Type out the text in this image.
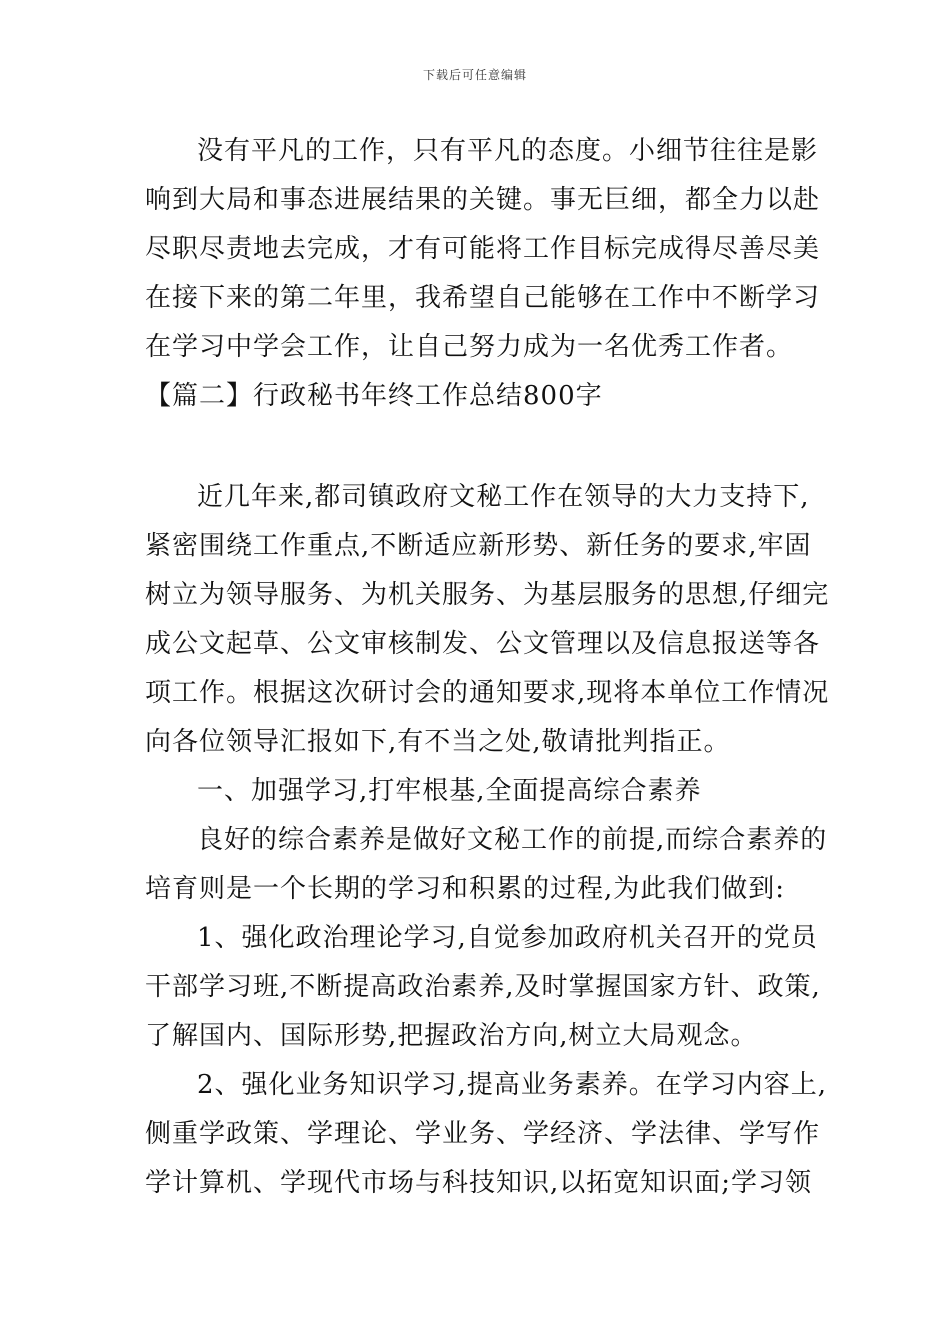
下载后可任意编辑
没有平凡的工作，只有平凡的态度。小细节往往是影
响到大局和事态进展结果的关键。事无巨细，都全力以赴
尽职尽责地去完成，才有可能将工作目标完成得尽善尽美
在接下来的第二年里，我希望自己能够在工作中不断学习
在学习中学会工作，让自己努力成为一名优秀工作者。
【篇二】行政秘书年终工作总结800字
近几年来,都司镇政府文秘工作在领导的大力支持下,
紧密围绕工作重点,不断适应新形势、新任务的要求,牢固
树立为领导服务、为机关服务、为基层服务的思想,仔细完
成公文起草、公文审核制发、公文管理以及信息报送等各
项工作。根据这次研讨会的通知要求,现将本单位工作情况
向各位领导汇报如下,有不当之处,敬请批判指正。
一、加强学习,打牢根基,全面提高综合素养
良好的综合素养是做好文秘工作的前提,而综合素养的
培育则是一个长期的学习和积累的过程,为此我们做到:
1、强化政治理论学习,自觉参加政府机关召开的党员
干部学习班,不断提高政治素养,及时掌握国家方针、政策,
了解国内、国际形势,把握政治方向,树立大局观念。
2、强化业务知识学习,提高业务素养。在学习内容上,
侧重学政策、学理论、学业务、学经济、学法律、学写作
学计算机、学现代市场与科技知识,以拓宽知识面;学习领
